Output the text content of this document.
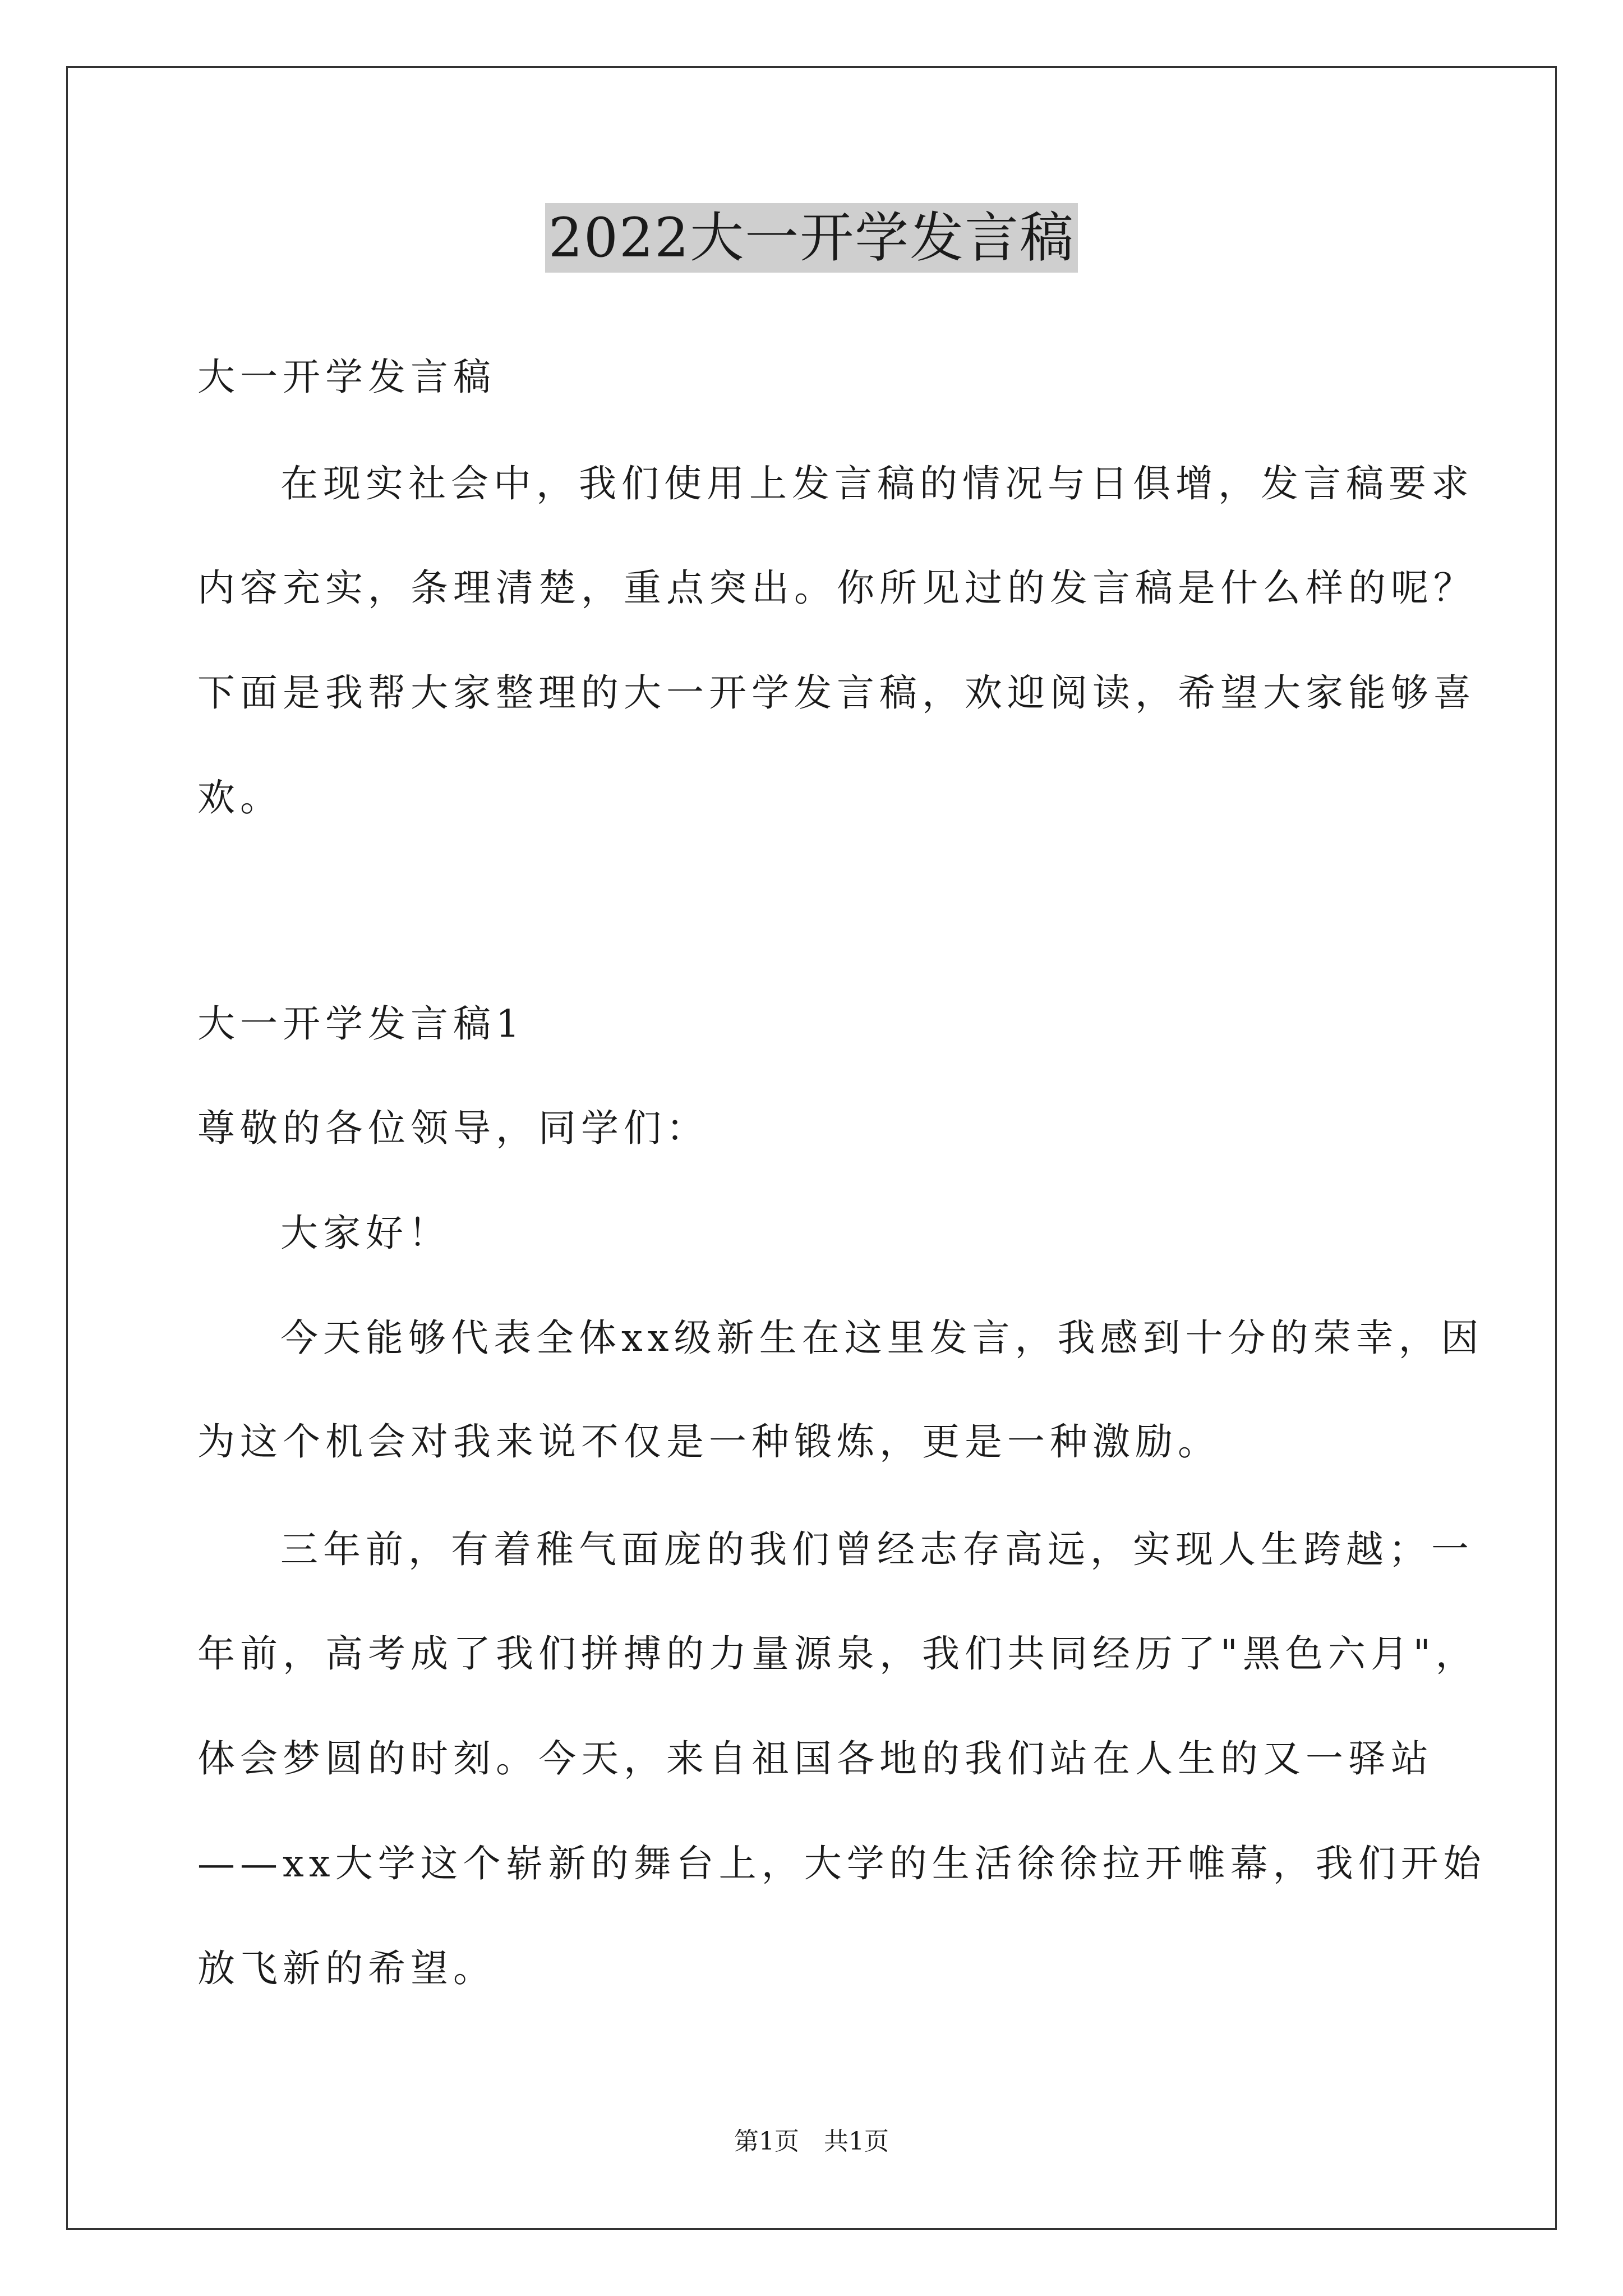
2022大一开学发言稿
大一开学发言稿
在现实社会中，我们使用上发言稿的情况与日俱增，发言稿要求
内容充实，条理清楚，重点突出。你所见过的发言稿是什么样的呢？
下面是我帮大家整理的大一开学发言稿，欢迎阅读，希望大家能够喜
欢。
大一开学发言稿1
尊敬的各位领导，同学们：
大家好！
今天能够代表全体xx级新生在这里发言，我感到十分的荣幸，因
为这个机会对我来说不仅是一种锻炼，更是一种激励。
三年前，有着稚气面庞的我们曾经志存高远，实现人生跨越；一
年前，高考成了我们拼搏的力量源泉，我们共同经历了"黑色六月"，
体会梦圆的时刻。今天，来自祖国各地的我们站在人生的又一驿站
——xx大学这个崭新的舞台上，大学的生活徐徐拉开帷幕，我们开始
放飞新的希望。
第1页　共1页
